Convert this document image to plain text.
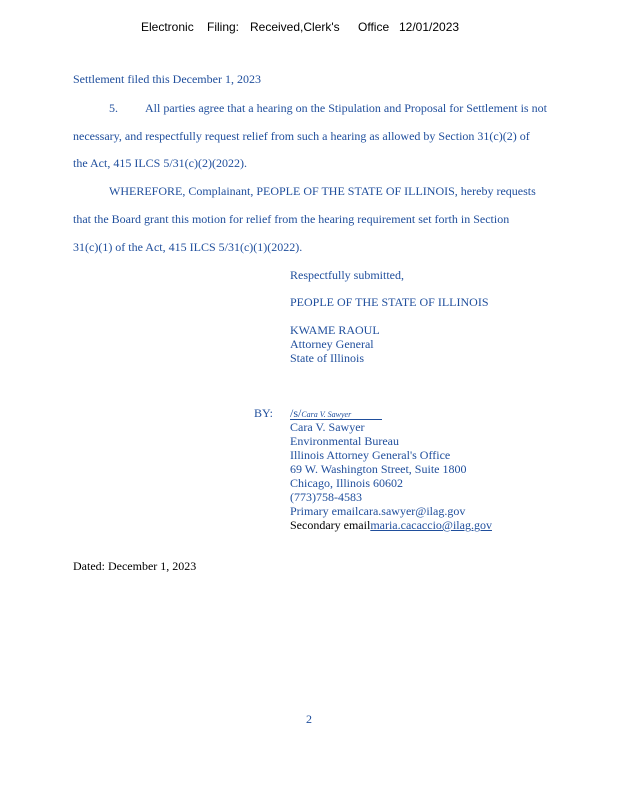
Electronic Filing: Received,Clerk's Office 12/01/2023
Settlement filed this December 1, 2023
5. All parties agree that a hearing on the Stipulation and Proposal for Settlement is not
necessary, and respectfully request relief from such a hearing as allowed by Section 31(c)(2) of
the Act, 415 ILCS 5/31(c)(2)(2022).
WHEREFORE, Complainant, PEOPLE OF THE STATE OF ILLINOIS, hereby requests
that the Board grant this motion for relief from the hearing requirement set forth in Section
31(c)(1) of the Act, 415 ILCS 5/31(c)(1)(2022).
Respectfully submitted,
PEOPLE OF THE STATE OF ILLINOIS
KWAME RAOUL
Attorney General
State of Illinois
BY: /s/Cara V. Sawyer
Cara V. Sawyer
Environmental Bureau
Illinois Attorney General's Office
69 W. Washington Street, Suite 1800
Chicago, Illinois 60602
(773)758-4583
Primary emailcara.sawyer@ilag.gov
Secondary emailmaria.cacaccio@ilag.gov
Dated: December 1, 2023
2
